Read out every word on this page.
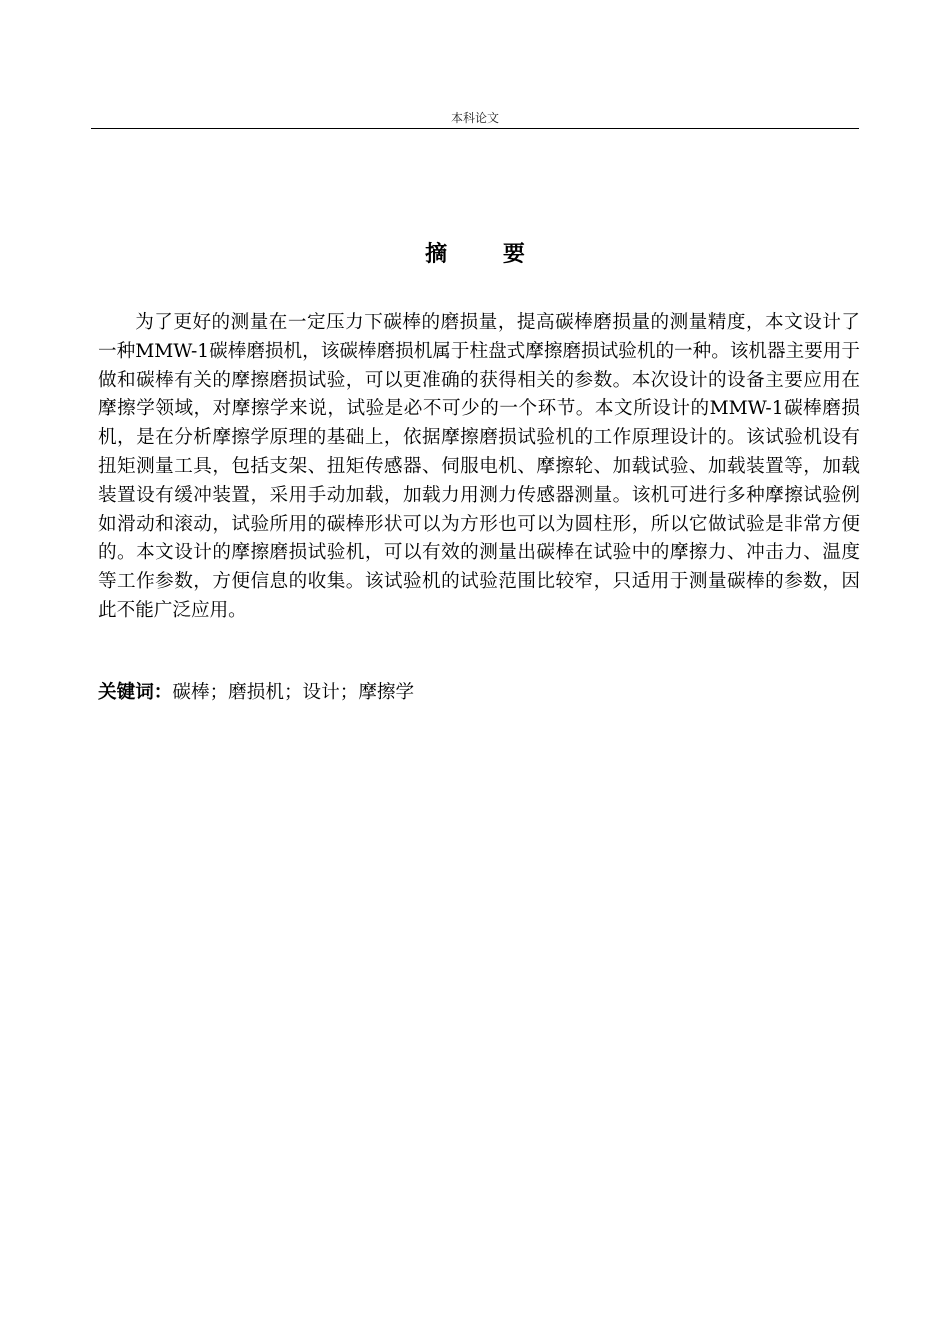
本科论文
摘 要

为了更好的测量在一定压力下碳棒的磨损量，提高碳棒磨损量的测量精度，本文设计了一种MMW-1碳棒磨损机，该碳棒磨损机属于柱盘式摩擦磨损试验机的一种。该机器主要用于做和碳棒有关的摩擦磨损试验，可以更准确的获得相关的参数。本次设计的设备主要应用在摩擦学领域，对摩擦学来说，试验是必不可少的一个环节。本文所设计的MMW-1碳棒磨损机，是在分析摩擦学原理的基础上，依据摩擦磨损试验机的工作原理设计的。该试验机设有扭矩测量工具，包括支架、扭矩传感器、伺服电机、摩擦轮、加载试验、加载装置等，加载装置设有缓冲装置，采用手动加载，加载力用测力传感器测量。该机可进行多种摩擦试验例如滑动和滚动，试验所用的碳棒形状可以为方形也可以为圆柱形，所以它做试验是非常方便的。本文设计的摩擦磨损试验机，可以有效的测量出碳棒在试验中的摩擦力、冲击力、温度等工作参数，方便信息的收集。该试验机的试验范围比较窄，只适用于测量碳棒的参数，因此不能广泛应用。

关键词：碳棒；磨损机；设计；摩擦学
